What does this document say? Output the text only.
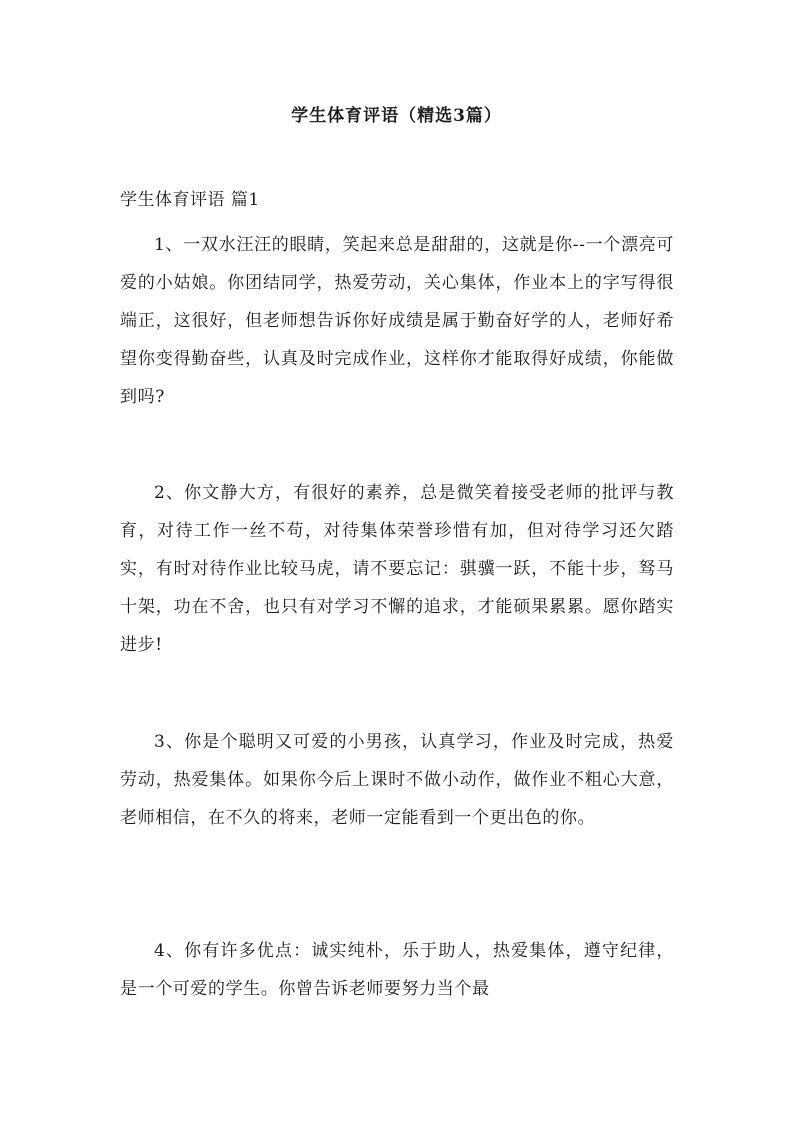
学生体育评语（精选3篇）

学生体育评语 篇1

1、一双水汪汪的眼睛，笑起来总是甜甜的，这就是你--一个漂亮可爱的小姑娘。你团结同学，热爱劳动，关心集体，作业本上的字写得很端正，这很好，但老师想告诉你好成绩是属于勤奋好学的人，老师好希望你变得勤奋些，认真及时完成作业，这样你才能取得好成绩，你能做到吗?

2、你文静大方，有很好的素养，总是微笑着接受老师的批评与教育，对待工作一丝不苟，对待集体荣誉珍惜有加，但对待学习还欠踏实，有时对待作业比较马虎，请不要忘记：骐骥一跃，不能十步，驽马十架，功在不舍，也只有对学习不懈的追求，才能硕果累累。愿你踏实进步!

3、你是个聪明又可爱的小男孩，认真学习，作业及时完成，热爱劳动，热爱集体。如果你今后上课时不做小动作，做作业不粗心大意，老师相信，在不久的将来，老师一定能看到一个更出色的你。

4、你有许多优点：诚实纯朴，乐于助人，热爱集体，遵守纪律，是一个可爱的学生。你曾告诉老师要努力当个最
